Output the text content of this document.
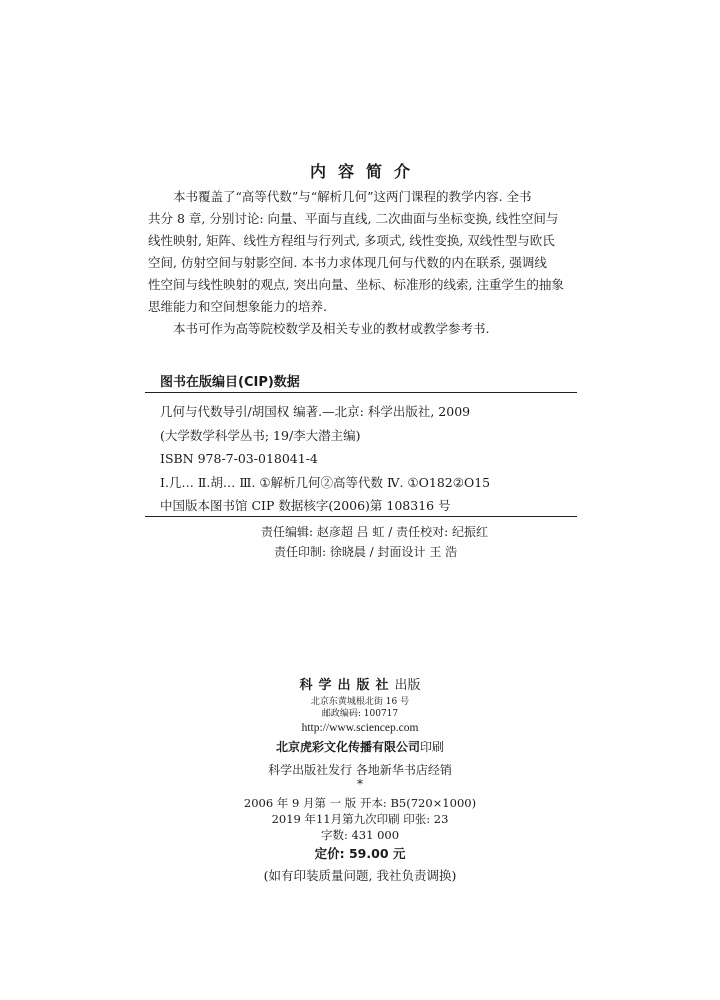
内容简介
本书覆盖了“高等代数”与“解析几何”这两门课程的教学内容. 全书
共分 8 章, 分别讨论: 向量、平面与直线, 二次曲面与坐标变换, 线性空间与
线性映射, 矩阵、线性方程组与行列式, 多项式, 线性变换, 双线性型与欧氏
空间, 仿射空间与射影空间. 本书力求体现几何与代数的内在联系, 强调线
性空间与线性映射的观点, 突出向量、坐标、标准形的线索, 注重学生的抽象
思维能力和空间想象能力的培养.
本书可作为高等院校数学及相关专业的教材或教学参考书.
图书在版编目(CIP)数据
几何与代数导引/胡国权 编著.—北京: 科学出版社, 2009
(大学数学科学丛书; 19/李大潜主编)
ISBN 978-7-03-018041-4
Ⅰ.几… Ⅱ.胡… Ⅲ. ①解析几何②高等代数 Ⅳ. ①O182②O15
中国版本图书馆 CIP 数据核字(2006)第 108316 号
责任编辑: 赵彦超 吕 虹 / 责任校对: 纪振红
责任印制: 徐晓晨 / 封面设计 王 浩
科学出版社出版
北京东黄城根北街 16 号
邮政编码: 100717
http://www.sciencep.com
北京虎彩文化传播有限公司印刷
科学出版社发行 各地新华书店经销
*
2006 年 9 月第 一 版 开本: B5(720×1000)
2019 年11月第九次印刷 印张: 23
字数: 431 000
定价: 59.00 元
(如有印装质量问题, 我社负责调换)
